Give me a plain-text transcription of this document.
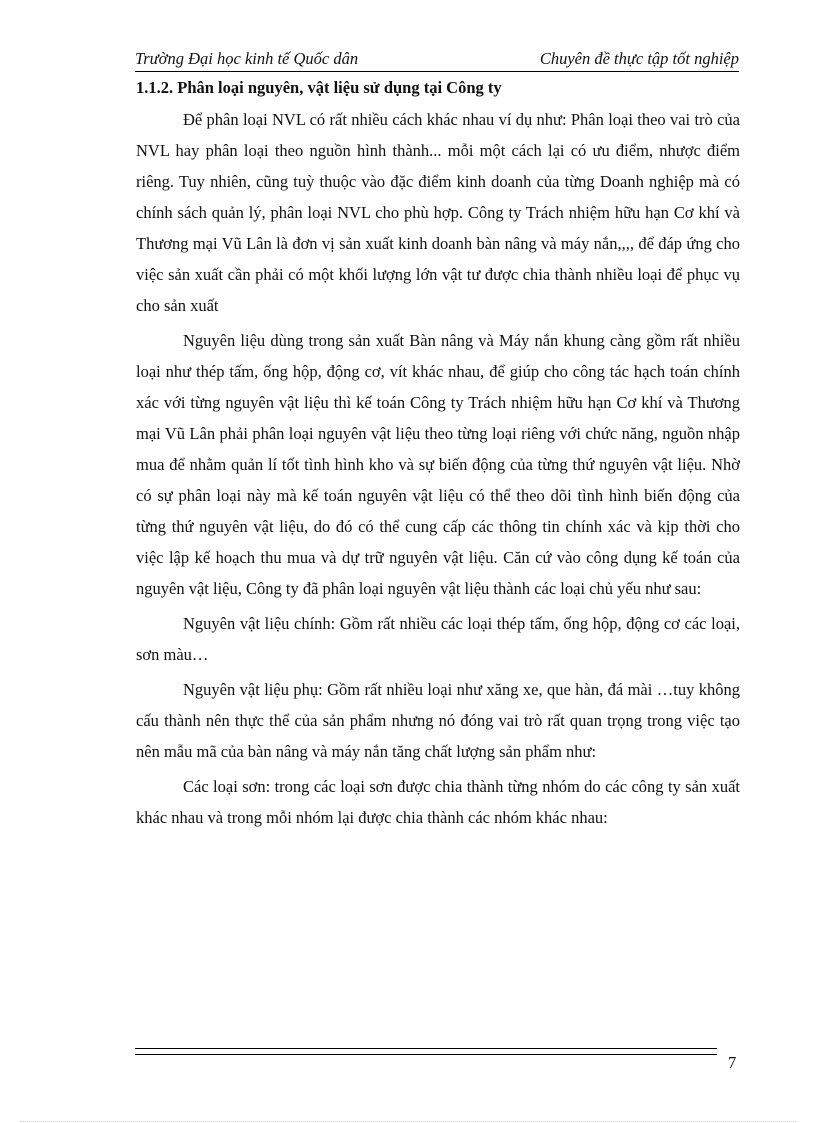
Trường Đại học kinh tế Quốc dân	Chuyên đề thực tập tốt nghiệp
1.1.2. Phân loại nguyên, vật liệu sử dụng tại Công ty

Để phân loại NVL có rất nhiều cách khác nhau ví dụ như: Phân loại theo vai trò của NVL hay phân loại theo nguồn hình thành... mỗi một cách lại có ưu điểm, nhược điểm riêng. Tuy nhiên, cũng tuỳ thuộc vào đặc điểm kinh doanh của từng Doanh nghiệp mà có chính sách quản lý, phân loại NVL cho phù hợp. Công ty Trách nhiệm hữu hạn Cơ khí và Thương mại Vũ Lân là đơn vị sản xuất kinh doanh bàn nâng và máy nắn,,,, để đáp ứng cho việc sản xuất cần phải có một khối lượng lớn vật tư được chia thành nhiều loại để phục vụ cho sản xuất

Nguyên liệu dùng trong sản xuất Bàn nâng và Máy nắn khung càng gồm rất nhiều loại như thép tấm, ống hộp, động cơ, vít khác nhau, để giúp cho công tác hạch toán chính xác với từng nguyên vật liệu thì kế toán Công ty Trách nhiệm hữu hạn Cơ khí và Thương mại Vũ Lân phải phân loại nguyên vật liệu theo từng loại riêng với chức năng, nguồn nhập mua để nhằm quản lí tốt tình hình kho và sự biến động của từng thứ nguyên vật liệu. Nhờ có sự phân loại này mà kế toán nguyên vật liệu có thể theo dõi tình hình biến động của từng thứ nguyên vật liệu, do đó có thể cung cấp các thông tin chính xác và kịp thời cho việc lập kế hoạch thu mua và dự trữ nguyên vật liệu. Căn cứ vào công dụng kế toán của nguyên vật liệu, Công ty đã phân loại nguyên vật liệu thành các loại chủ yếu như sau:

Nguyên vật liệu chính: Gồm rất nhiều các loại thép tấm, ống hộp, động cơ các loại, sơn màu…

Nguyên vật liệu phụ: Gồm rất nhiều loại như xăng xe, que hàn, đá mài …tuy không cấu thành nên thực thể của sản phẩm nhưng nó đóng vai trò rất quan trọng trong việc tạo nên mẫu mã của bàn nâng và máy nắn tăng chất lượng sản phẩm như:

Các loại sơn: trong các loại sơn được chia thành từng nhóm do các công ty sản xuất khác nhau và trong mỗi nhóm lại được chia thành các nhóm khác nhau:

7
